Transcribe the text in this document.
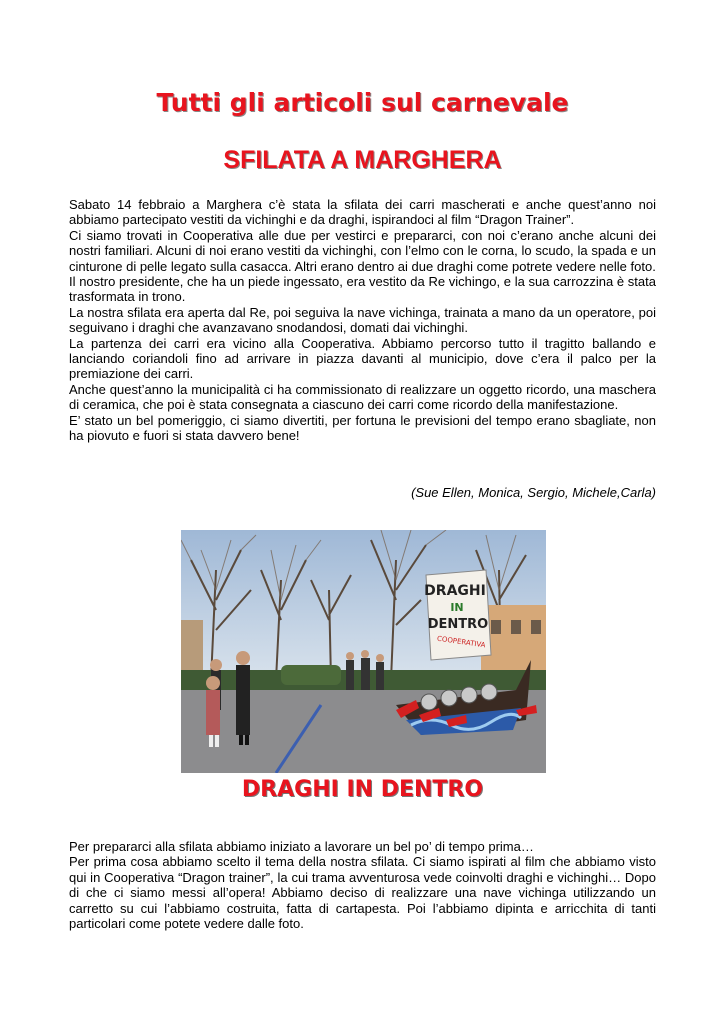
Tutti gli articoli sul carnevale
SFILATA A MARGHERA

Sabato 14 febbraio a Marghera c’è stata la sfilata dei carri mascherati e anche quest’anno noi abbiamo partecipato vestiti da vichinghi e da draghi, ispirandoci al film “Dragon Trainer”.

Ci siamo trovati in Cooperativa alle due per vestirci e prepararci, con noi c’erano anche alcuni dei nostri familiari. Alcuni di noi erano vestiti da vichinghi, con l’elmo con le corna, lo scudo, la spada e un cinturone di pelle legato sulla casacca. Altri erano dentro ai due draghi come potrete vedere nelle foto.

Il nostro presidente, che ha un piede ingessato, era vestito da Re vichingo, e la sua carrozzina è stata trasformata in trono.

La nostra sfilata era aperta dal Re, poi seguiva la nave vichinga, trainata a mano da un operatore, poi seguivano i draghi che avanzavano snodandosi, domati dai vichinghi.

La partenza dei carri era vicino alla Cooperativa. Abbiamo percorso tutto il tragitto ballando e lanciando coriandoli fino ad arrivare in piazza davanti al municipio, dove c’era il palco per la premiazione dei carri.

Anche quest’anno la municipalità ci ha commissionato di realizzare un oggetto ricordo, una maschera di ceramica, che poi è stata consegnata a ciascuno dei carri come ricordo della manifestazione.

E’ stato un bel pomeriggio, ci siamo divertiti, per fortuna le previsioni del tempo erano sbagliate, non ha piovuto e fuori si stata davvero bene!

(Sue Ellen, Monica, Sergio, Michele,Carla)
DRAGHI
IN
DENTRO
COOPERATIVA
DRAGHI IN DENTRO

Per prepararci alla sfilata abbiamo iniziato a lavorare un bel po’ di tempo prima…

Per prima cosa abbiamo scelto il tema della nostra sfilata. Ci siamo ispirati al film che abbiamo visto qui in Cooperativa “Dragon trainer”, la cui trama avventurosa vede coinvolti draghi e vichinghi… Dopo di che ci siamo messi all’opera! Abbiamo deciso di realizzare una nave vichinga utilizzando un carretto su cui l’abbiamo costruita, fatta di cartapesta. Poi l’abbiamo dipinta e arricchita di tanti particolari come potete vedere dalle foto.
